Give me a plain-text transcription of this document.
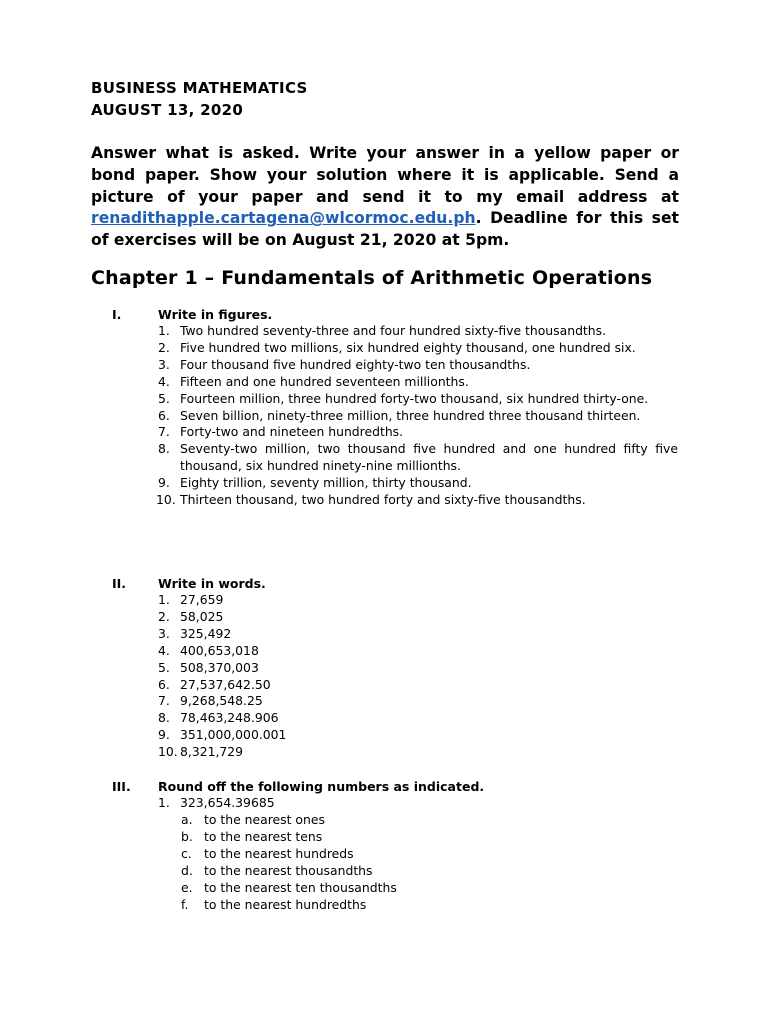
BUSINESS MATHEMATICS
AUGUST 13, 2020

Answer what is asked. Write your answer in a yellow paper or bond paper. Show your solution where it is applicable. Send a picture of your paper and send it to my email address at renadithapple.cartagena@wlcormoc.edu.ph. Deadline for this set of exercises will be on August 21, 2020 at 5pm.

Chapter 1 – Fundamentals of Arithmetic Operations
I.	Write in figures.
1. Two hundred seventy-three and four hundred sixty-five thousandths.
2. Five hundred two millions, six hundred eighty thousand, one hundred six.
3. Four thousand five hundred eighty-two ten thousandths.
4. Fifteen and one hundred seventeen millionths.
5. Fourteen million, three hundred forty-two thousand, six hundred thirty-one.
6. Seven billion, ninety-three million, three hundred three thousand thirteen.
7. Forty-two and nineteen hundredths.
8. Seventy-two million, two thousand five hundred and one hundred fifty five thousand, six hundred ninety-nine millionths.
9. Eighty trillion, seventy million, thirty thousand.
10. Thirteen thousand, two hundred forty and sixty-five thousandths.
II.	Write in words.
1. 27,659
2. 58,025
3. 325,492
4. 400,653,018
5. 508,370,003
6. 27,537,642.50
7. 9,268,548.25
8. 78,463,248.906
9. 351,000,000.001
10. 8,321,729
III. Round off the following numbers as indicated.
1. 323,654.39685
a. to the nearest ones
b. to the nearest tens
c. to the nearest hundreds
d. to the nearest thousandths
e. to the nearest ten thousandths
f. to the nearest hundredths
